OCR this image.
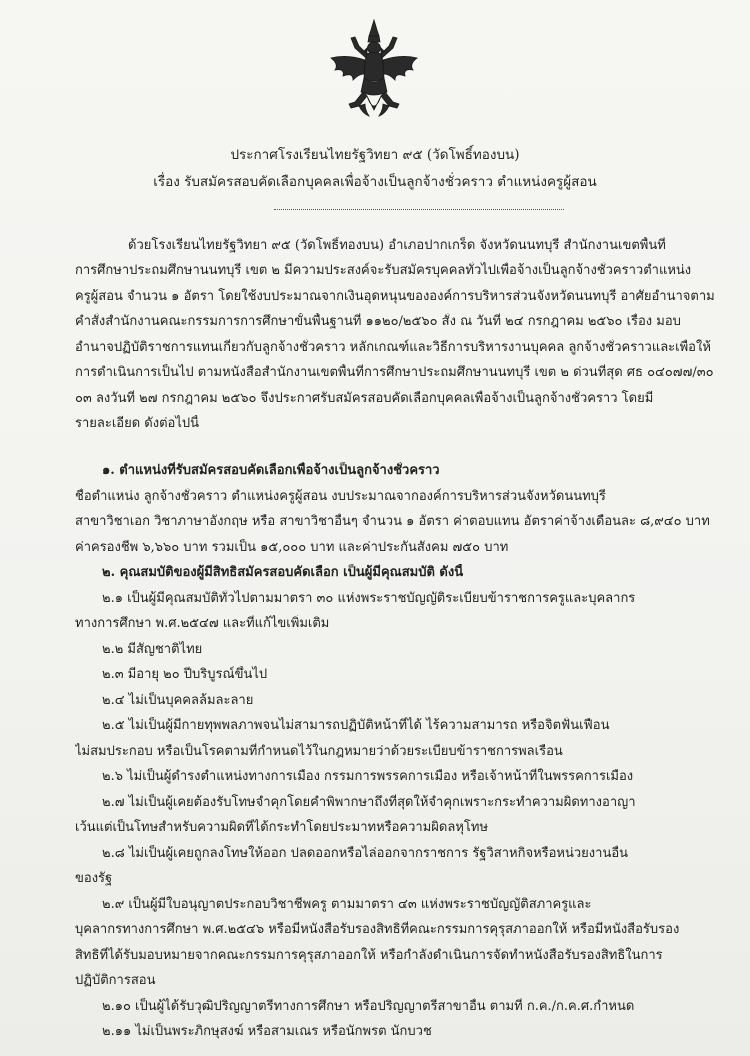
ประกาศโรงเรียนไทยรัฐวิทยา ๙๕ (วัดโพธิ์ทองบน)
เรื่อง รับสมัครสอบคัดเลือกบุคคลเพื่อจ้างเป็นลูกจ้างชั่วคราว ตำแหน่งครูผู้สอน
ด้วยโรงเรียนไทยรัฐวิทยา ๙๕ (วัดโพธิ์ทองบน) อำเภอปากเกร็ด จังหวัดนนทบุรี สำนักงานเขตพื้นที่
การศึกษาประถมศึกษานนทบุรี เขต ๒ มีความประสงค์จะรับสมัครบุคคลทั่วไปเพื่อจ้างเป็นลูกจ้างชั่วคราวตำแหน่ง
ครูผู้สอน จำนวน ๑ อัตรา โดยใช้งบประมาณจากเงินอุดหนุนขององค์การบริหารส่วนจังหวัดนนทบุรี อาศัยอำนาจตาม
คำสั่งสำนักงานคณะกรรมการการศึกษาขั้นพื้นฐานที่ ๑๑๒๐/๒๕๖๐ สั่ง ณ วันที่ ๒๔ กรกฎาคม ๒๕๖๐ เรื่อง มอบ
อำนาจปฏิบัติราชการแทนเกี่ยวกับลูกจ้างชั่วคราว หลักเกณฑ์และวิธีการบริหารงานบุคคล ลูกจ้างชั่วคราวและเพื่อให้
การดำเนินการเป็นไป ตามหนังสือสำนักงานเขตพื้นที่การศึกษาประถมศึกษานนทบุรี เขต ๒ ด่วนที่สุด ศธ ๐๔๐๗๗/๓๐
๐๓ ลงวันที่ ๒๗ กรกฎาคม ๒๕๖๐ จึงประกาศรับสมัครสอบคัดเลือกบุคคลเพื่อจ้างเป็นลูกจ้างชั่วคราว โดยมี
รายละเอียด ดังต่อไปนี้
๑. ตำแหน่งที่รับสมัครสอบคัดเลือกเพื่อจ้างเป็นลูกจ้างชั่วคราว
ชื่อตำแหน่ง ลูกจ้างชั่วคราว ตำแหน่งครูผู้สอน งบประมาณจากองค์การบริหารส่วนจังหวัดนนทบุรี
สาขาวิชาเอก วิชาภาษาอังกฤษ หรือ สาขาวิชาอื่นๆ จำนวน ๑ อัตรา ค่าตอบแทน อัตราค่าจ้างเดือนละ ๘,๙๔๐ บาท
ค่าครองชีพ ๖,๖๖๐ บาท รวมเป็น ๑๕,๐๐๐ บาท และค่าประกันสังคม ๗๕๐ บาท
๒. คุณสมบัติของผู้มีสิทธิสมัครสอบคัดเลือก เป็นผู้มีคุณสมบัติ ดังนี้
๒.๑ เป็นผู้มีคุณสมบัติทั่วไปตามมาตรา ๓๐ แห่งพระราชบัญญัติระเบียบข้าราชการครูและบุคลากร
ทางการศึกษา พ.ศ.๒๕๔๗ และที่แก้ไขเพิ่มเติม
๒.๒ มีสัญชาติไทย
๒.๓ มีอายุ ๒๐ ปีบริบูรณ์ขึ้นไป
๒.๔ ไม่เป็นบุคคลล้มละลาย
๒.๕ ไม่เป็นผู้มีกายทุพพลภาพจนไม่สามารถปฏิบัติหน้าที่ได้ ไร้ความสามารถ หรือจิตฟั่นเฟือน
ไม่สมประกอบ หรือเป็นโรคตามที่กำหนดไว้ในกฎหมายว่าด้วยระเบียบข้าราชการพลเรือน
๒.๖ ไม่เป็นผู้ดำรงตำแหน่งทางการเมือง กรรมการพรรคการเมือง หรือเจ้าหน้าที่ในพรรคการเมือง
๒.๗ ไม่เป็นผู้เคยต้องรับโทษจำคุกโดยคำพิพากษาถึงที่สุดให้จำคุกเพราะกระทำความผิดทางอาญา
เว้นแต่เป็นโทษสำหรับความผิดที่ได้กระทำโดยประมาทหรือความผิดลหุโทษ
๒.๘ ไม่เป็นผู้เคยถูกลงโทษให้ออก ปลดออกหรือไล่ออกจากราชการ รัฐวิสาหกิจหรือหน่วยงานอื่น
ของรัฐ
๒.๙ เป็นผู้มีใบอนุญาตประกอบวิชาชีพครู ตามมาตรา ๔๓ แห่งพระราชบัญญัติสภาครูและ
บุคลากรทางการศึกษา พ.ศ.๒๕๔๖ หรือมีหนังสือรับรองสิทธิที่คณะกรรมการคุรุสภาออกให้ หรือมีหนังสือรับรอง
สิทธิที่ได้รับมอบหมายจากคณะกรรมการคุรุสภาออกให้ หรือกำลังดำเนินการจัดทำหนังสือรับรองสิทธิในการ
ปฏิบัติการสอน
๒.๑๐ เป็นผู้ได้รับวุฒิปริญญาตรีทางการศึกษา หรือปริญญาตรีสาขาอื่น ตามที่ ก.ค./ก.ค.ศ.กำหนด
๒.๑๑ ไม่เป็นพระภิกษุสงฆ์ หรือสามเณร หรือนักพรต นักบวช
